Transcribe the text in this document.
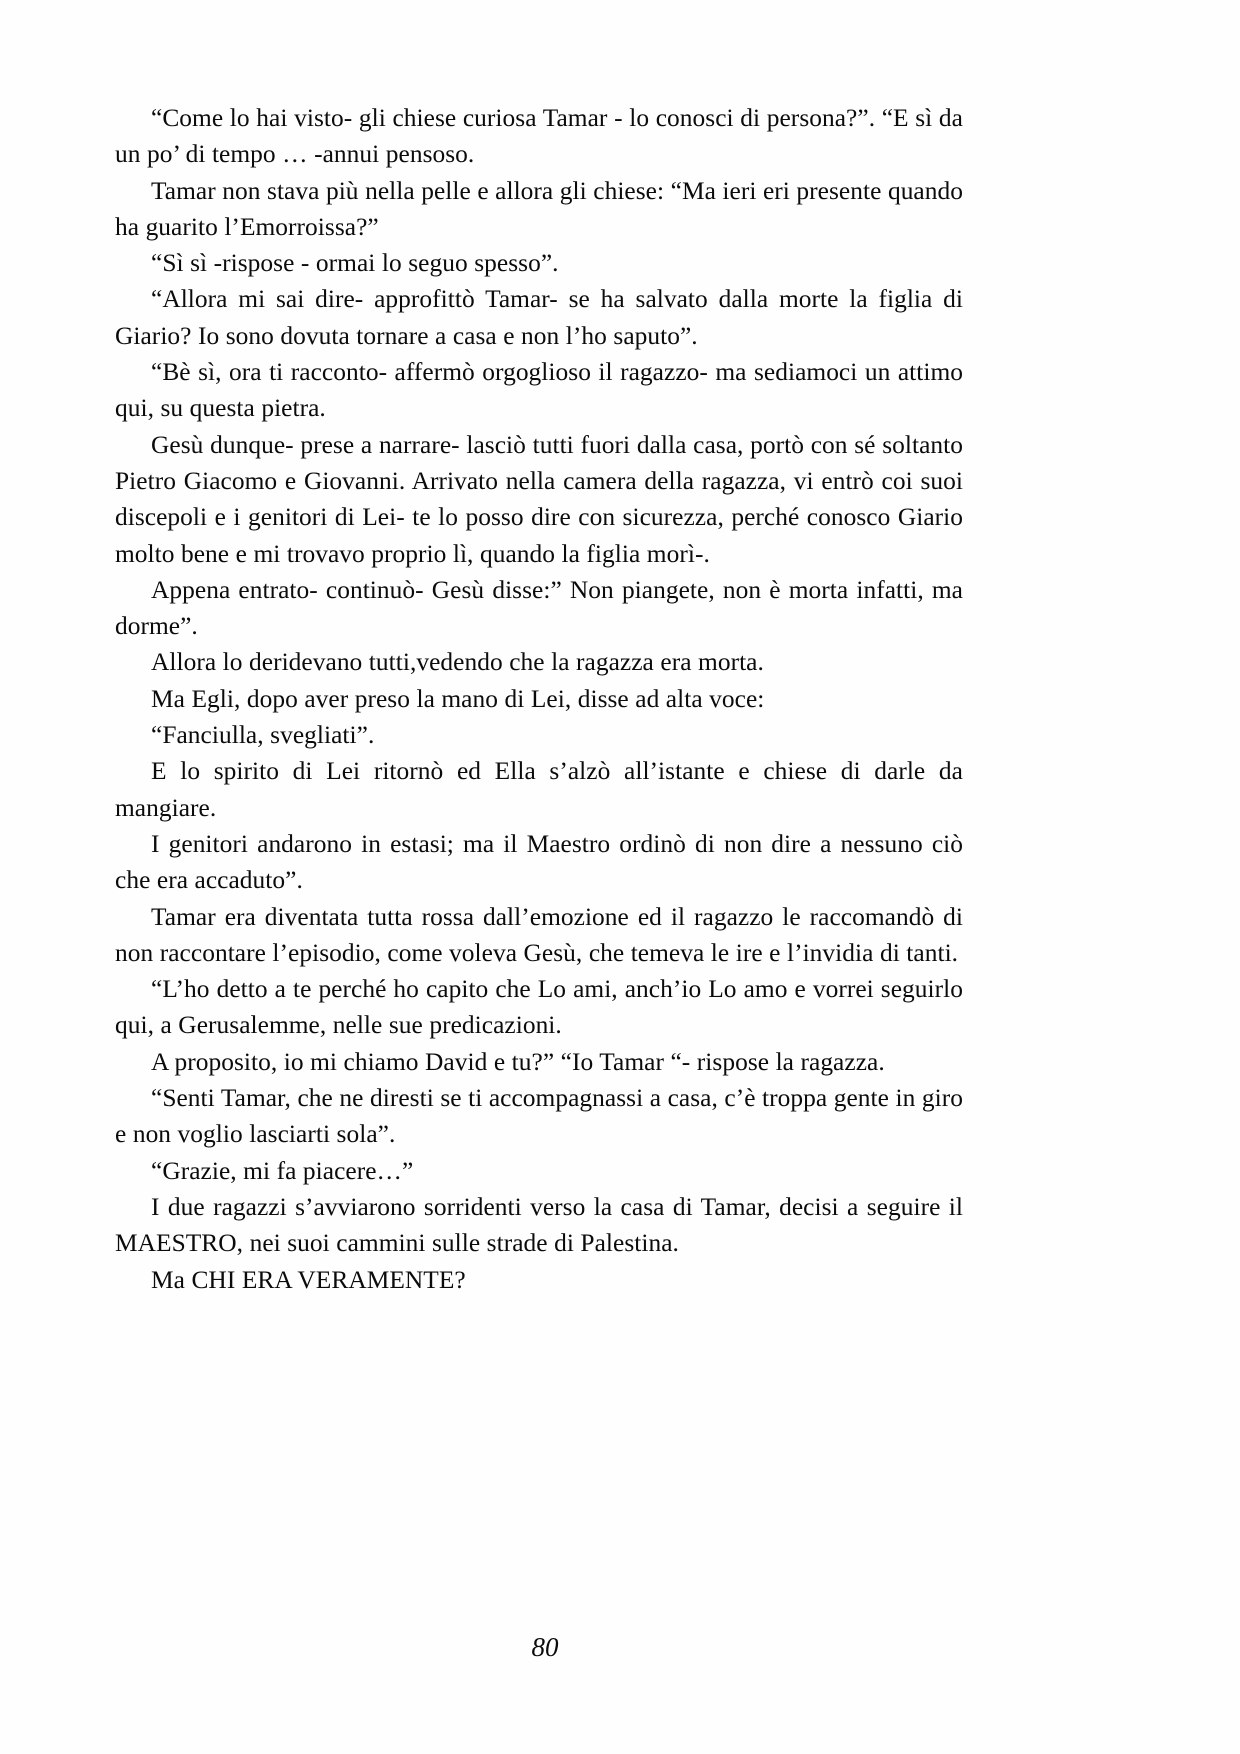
“Come lo hai visto- gli chiese curiosa Tamar - lo conosci di persona?”. “E sì da un po’ di tempo … -annui pensoso.

Tamar non stava più nella pelle e allora gli chiese: “Ma ieri eri presente quando ha guarito l’Emorroissa?”

“Sì sì -rispose - ormai lo seguo spesso”.

“Allora mi sai dire- approfittò Tamar- se ha salvato dalla morte la figlia di Giario? Io sono dovuta tornare a casa e non l’ho saputo”.

“Bè sì, ora ti racconto- affermò orgoglioso il ragazzo- ma sediamoci un attimo qui, su questa pietra.

Gesù dunque- prese a narrare- lasciò tutti fuori dalla casa, portò con sé soltanto Pietro Giacomo e Giovanni. Arrivato nella camera della ragazza, vi entrò coi suoi discepoli e i genitori di Lei- te lo posso dire con sicurezza, perché conosco Giario molto bene e mi trovavo proprio lì, quando la figlia morì-.

Appena entrato- continuò- Gesù disse:” Non piangete, non è morta infatti, ma dorme”.

Allora lo deridevano tutti,vedendo che la ragazza era morta.

Ma Egli, dopo aver preso la mano di Lei, disse ad alta voce:

“Fanciulla, svegliati”.

E lo spirito di Lei ritornò ed Ella s’alzò all’istante e chiese di darle da mangiare.

I genitori andarono in estasi; ma il Maestro ordinò di non dire a nessuno ciò che era accaduto”.

Tamar era diventata tutta rossa dall’emozione ed il ragazzo le raccomandò di non raccontare l’episodio, come voleva Gesù, che temeva le ire e l’invidia di tanti.

“L’ho detto a te perché ho capito che Lo ami, anch’io Lo amo e vorrei seguirlo qui, a Gerusalemme, nelle sue predicazioni.

A proposito, io mi chiamo David e tu?” “Io Tamar “- rispose la ragazza.

“Senti Tamar, che ne diresti se ti accompagnassi a casa, c’è troppa gente in giro e non voglio lasciarti sola”.

“Grazie, mi fa piacere…”

I due ragazzi s’avviarono sorridenti verso la casa di Tamar, decisi a seguire il MAESTRO, nei suoi cammini sulle strade di Palestina.

Ma CHI ERA VERAMENTE?

80
